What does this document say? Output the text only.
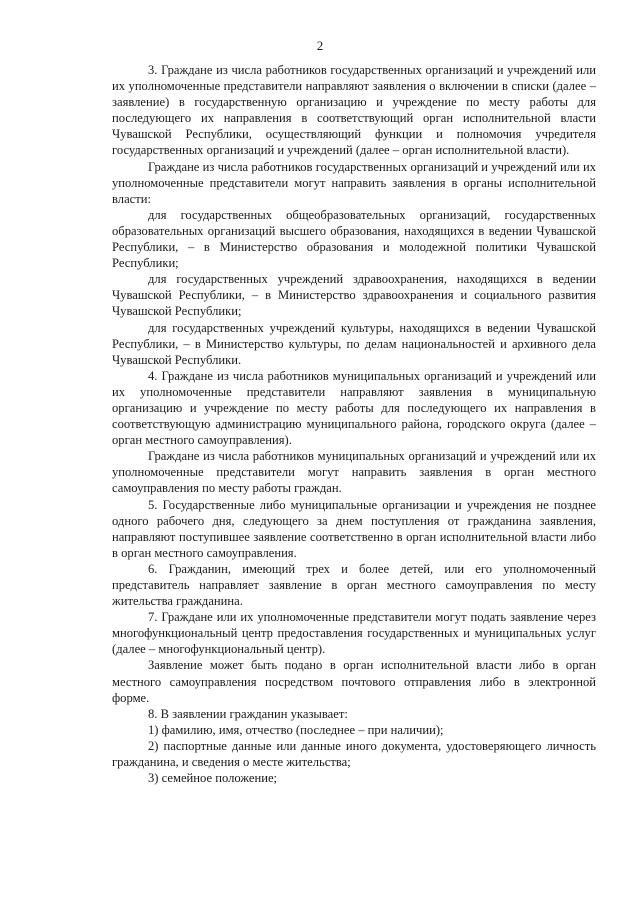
2

3. Граждане из числа работников государственных организаций и учреждений или их уполномоченные представители направляют заявления о включении в списки (далее – заявление) в государственную организацию и учреждение по месту работы для последующего их направления в соответствующий орган исполнительной власти Чувашской Республики, осуществляющий функции и полномочия учредителя государственных организаций и учреждений (далее – орган исполнительной власти).

Граждане из числа работников государственных организаций и учреждений или их уполномоченные представители могут направить заявления в органы исполнительной власти:

для государственных общеобразовательных организаций, государственных образовательных организаций высшего образования, находящихся в ведении Чувашской Республики, – в Министерство образования и молодежной политики Чувашской Республики;

для государственных учреждений здравоохранения, находящихся в ведении Чувашской Республики, – в Министерство здравоохранения и социального развития Чувашской Республики;

для государственных учреждений культуры, находящихся в ведении Чувашской Республики, – в Министерство культуры, по делам национальностей и архивного дела Чувашской Республики.

4. Граждане из числа работников муниципальных организаций и учреждений или их уполномоченные представители направляют заявления в муниципальную организацию и учреждение по месту работы для последующего их направления в соответствующую администрацию муниципального района, городского округа (далее – орган местного самоуправления).

Граждане из числа работников муниципальных организаций и учреждений или их уполномоченные представители могут направить заявления в орган местного самоуправления по месту работы граждан.

5. Государственные либо муниципальные организации и учреждения не позднее одного рабочего дня, следующего за днем поступления от гражданина заявления, направляют поступившее заявление соответственно в орган исполнительной власти либо в орган местного самоуправления.

6. Гражданин, имеющий трех и более детей, или его уполномоченный представитель направляет заявление в орган местного самоуправления по месту жительства гражданина.

7. Граждане или их уполномоченные представители могут подать заявление через многофункциональный центр предоставления государственных и муниципальных услуг (далее – многофункциональный центр).

Заявление может быть подано в орган исполнительной власти либо в орган местного самоуправления посредством почтового отправления либо в электронной форме.

8. В заявлении гражданин указывает:

1) фамилию, имя, отчество (последнее – при наличии);

2) паспортные данные или данные иного документа, удостоверяющего личность гражданина, и сведения о месте жительства;

3) семейное положение;
